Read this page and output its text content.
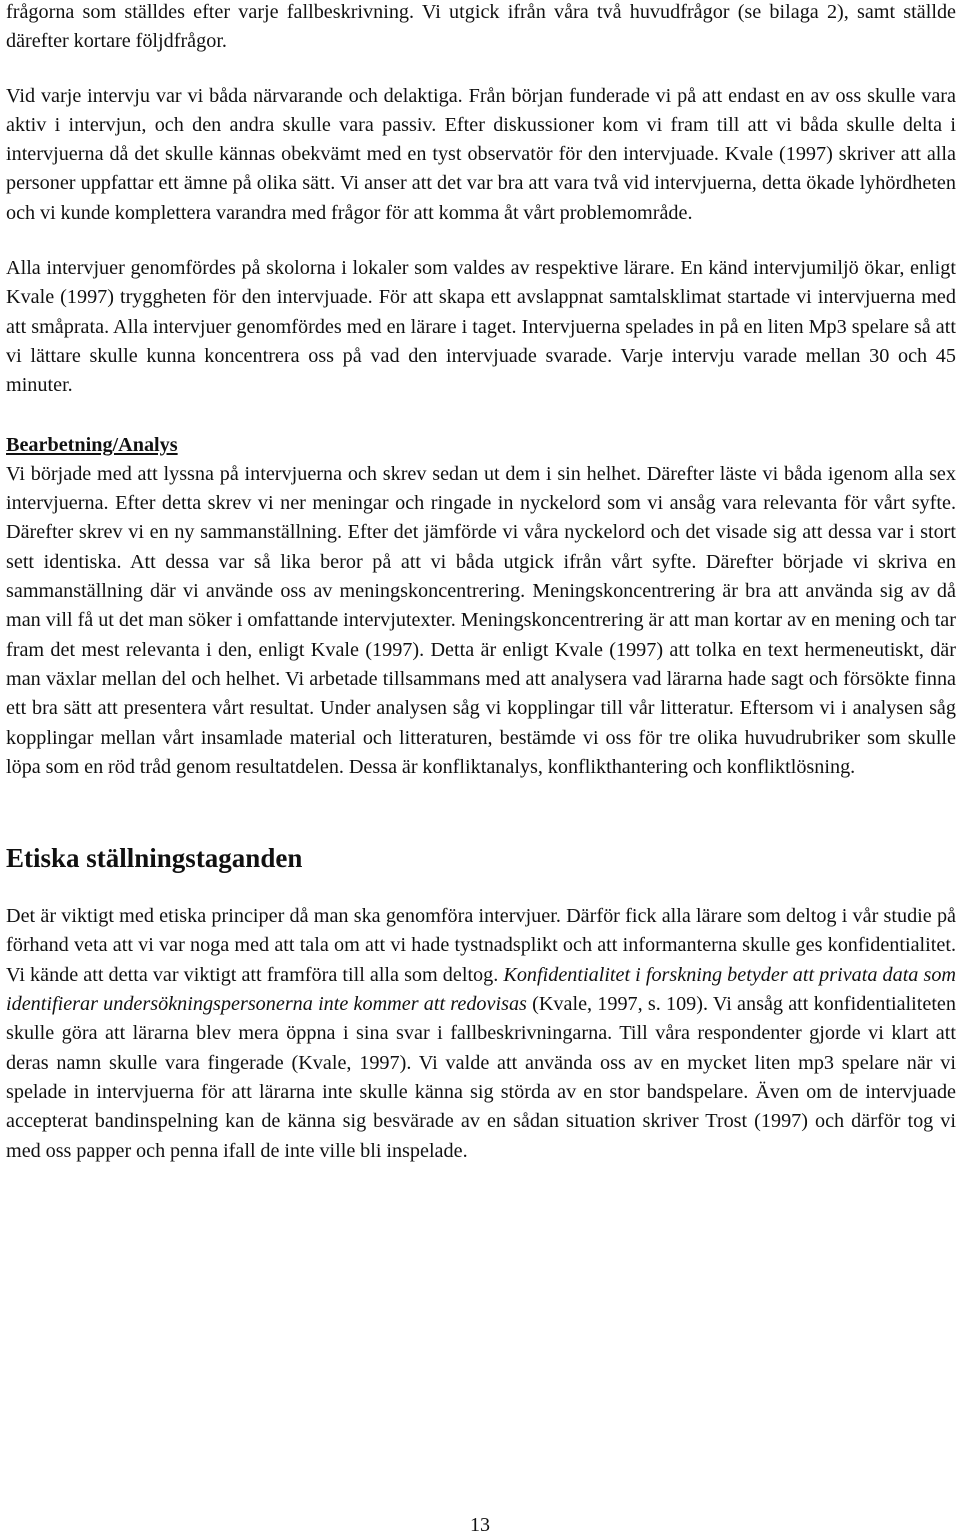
frågorna som ställdes efter varje fallbeskrivning. Vi utgick ifrån våra två huvudfrågor (se bilaga 2), samt ställde därefter kortare följdfrågor.

Vid varje intervju var vi båda närvarande och delaktiga. Från början funderade vi på att endast en av oss skulle vara aktiv i intervjun, och den andra skulle vara passiv. Efter diskussioner kom vi fram till att vi båda skulle delta i intervjuerna då det skulle kännas obekvämt med en tyst observatör för den intervjuade. Kvale (1997) skriver att alla personer uppfattar ett ämne på olika sätt. Vi anser att det var bra att vara två vid intervjuerna, detta ökade lyhördheten och vi kunde komplettera varandra med frågor för att komma åt vårt problemområde.

Alla intervjuer genomfördes på skolorna i lokaler som valdes av respektive lärare. En känd intervjumiljö ökar, enligt Kvale (1997) tryggheten för den intervjuade. För att skapa ett avslappnat samtalsklimat startade vi intervjuerna med att småprata. Alla intervjuer genomfördes med en lärare i taget. Intervjuerna spelades in på en liten Mp3 spelare så att vi lättare skulle kunna koncentrera oss på vad den intervjuade svarade. Varje intervju varade mellan 30 och 45 minuter.

Bearbetning/Analys

Vi började med att lyssna på intervjuerna och skrev sedan ut dem i sin helhet. Därefter läste vi båda igenom alla sex intervjuerna. Efter detta skrev vi ner meningar och ringade in nyckelord som vi ansåg vara relevanta för vårt syfte. Därefter skrev vi en ny sammanställning. Efter det jämförde vi våra nyckelord och det visade sig att dessa var i stort sett identiska. Att dessa var så lika beror på att vi båda utgick ifrån vårt syfte. Därefter började vi skriva en sammanställning där vi använde oss av meningskoncentrering. Meningskoncentrering är bra att använda sig av då man vill få ut det man söker i omfattande intervjutexter. Meningskoncentrering är att man kortar av en mening och tar fram det mest relevanta i den, enligt Kvale (1997). Detta är enligt Kvale (1997) att tolka en text hermeneutiskt, där man växlar mellan del och helhet. Vi arbetade tillsammans med att analysera vad lärarna hade sagt och försökte finna ett bra sätt att presentera vårt resultat. Under analysen såg vi kopplingar till vår litteratur. Eftersom vi i analysen såg kopplingar mellan vårt insamlade material och litteraturen, bestämde vi oss för tre olika huvudrubriker som skulle löpa som en röd tråd genom resultatdelen. Dessa är konfliktanalys, konflikthantering och konfliktlösning.

Etiska ställningstaganden

Det är viktigt med etiska principer då man ska genomföra intervjuer. Därför fick alla lärare som deltog i vår studie på förhand veta att vi var noga med att tala om att vi hade tystnadsplikt och att informanterna skulle ges konfidentialitet. Vi kände att detta var viktigt att framföra till alla som deltog. Konfidentialitet i forskning betyder att privata data som identifierar undersökningspersonerna inte kommer att redovisas (Kvale, 1997, s. 109). Vi ansåg att konfidentialiteten skulle göra att lärarna blev mera öppna i sina svar i fallbeskrivningarna. Till våra respondenter gjorde vi klart att deras namn skulle vara fingerade (Kvale, 1997). Vi valde att använda oss av en mycket liten mp3 spelare när vi spelade in intervjuerna för att lärarna inte skulle känna sig störda av en stor bandspelare. Även om de intervjuade accepterat bandinspelning kan de känna sig besvärade av en sådan situation skriver Trost (1997) och därför tog vi med oss papper och penna ifall de inte ville bli inspelade.

13
